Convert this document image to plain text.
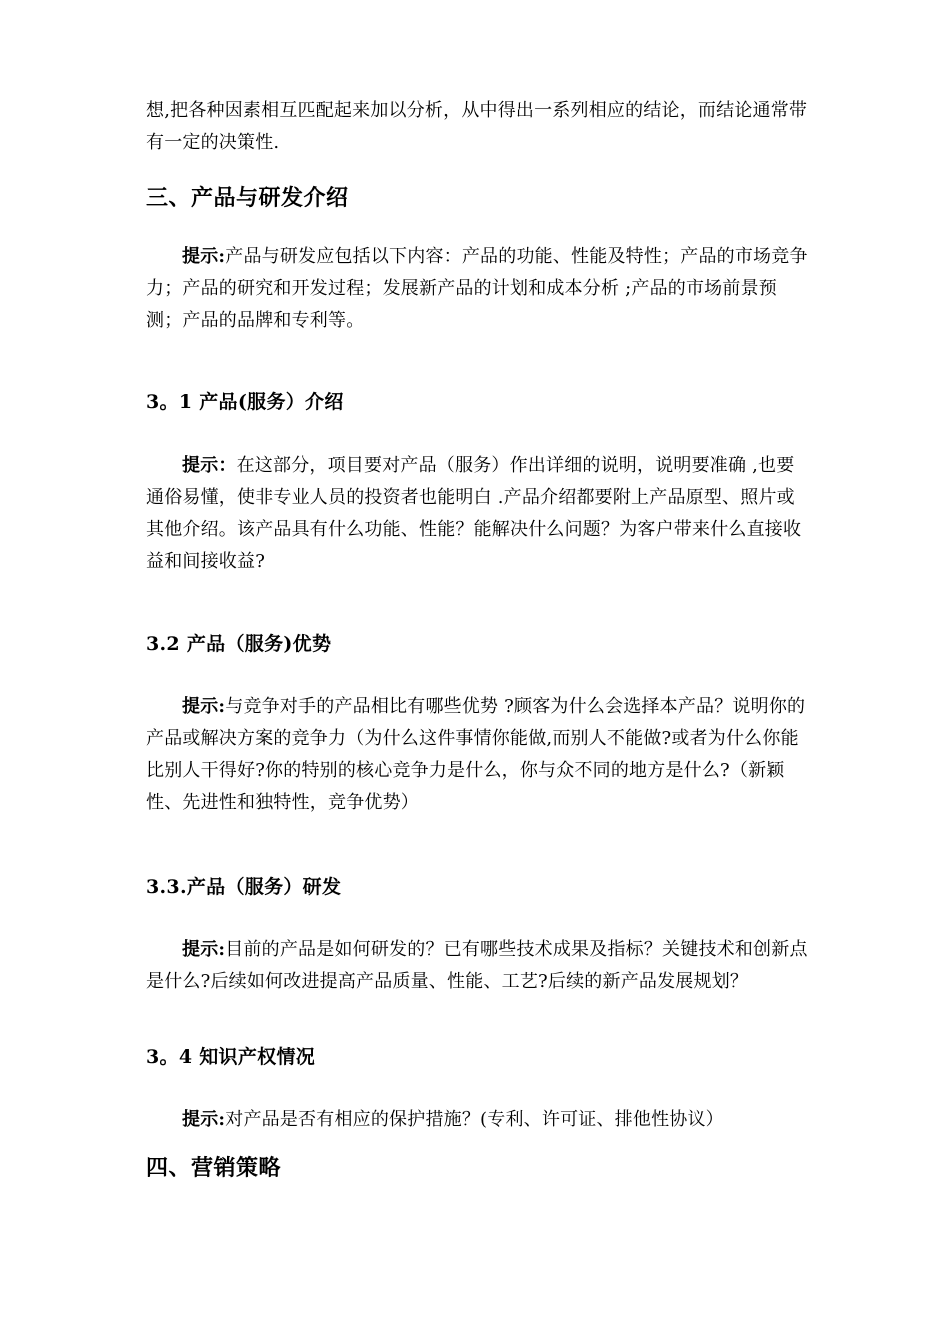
想,把各种因素相互匹配起来加以分析，从中得出一系列相应的结论，而结论通常带有一定的决策性.
三、产品与研发介绍
提示:产品与研发应包括以下内容：产品的功能、性能及特性；产品的市场竞争力；产品的研究和开发过程；发展新产品的计划和成本分析 ;产品的市场前景预测；产品的品牌和专利等。
3。1 产品(服务）介绍
提示：在这部分，项目要对产品（服务）作出详细的说明，说明要准确 ,也要通俗易懂，使非专业人员的投资者也能明白 .产品介绍都要附上产品原型、照片或其他介绍。该产品具有什么功能、性能？能解决什么问题？为客户带来什么直接收益和间接收益?
3.2 产品（服务)优势
提示:与竞争对手的产品相比有哪些优势 ?顾客为什么会选择本产品？说明你的产品或解决方案的竞争力（为什么这件事情你能做,而别人不能做?或者为什么你能比别人干得好?你的特别的核心竞争力是什么，你与众不同的地方是什么?（新颖性、先进性和独特性，竞争优势）
3.3.产品（服务）研发
提示:目前的产品是如何研发的？已有哪些技术成果及指标？关键技术和创新点是什么?后续如何改进提高产品质量、性能、工艺?后续的新产品发展规划？
3。4 知识产权情况
提示:对产品是否有相应的保护措施？(专利、许可证、排他性协议）
四、营销策略
